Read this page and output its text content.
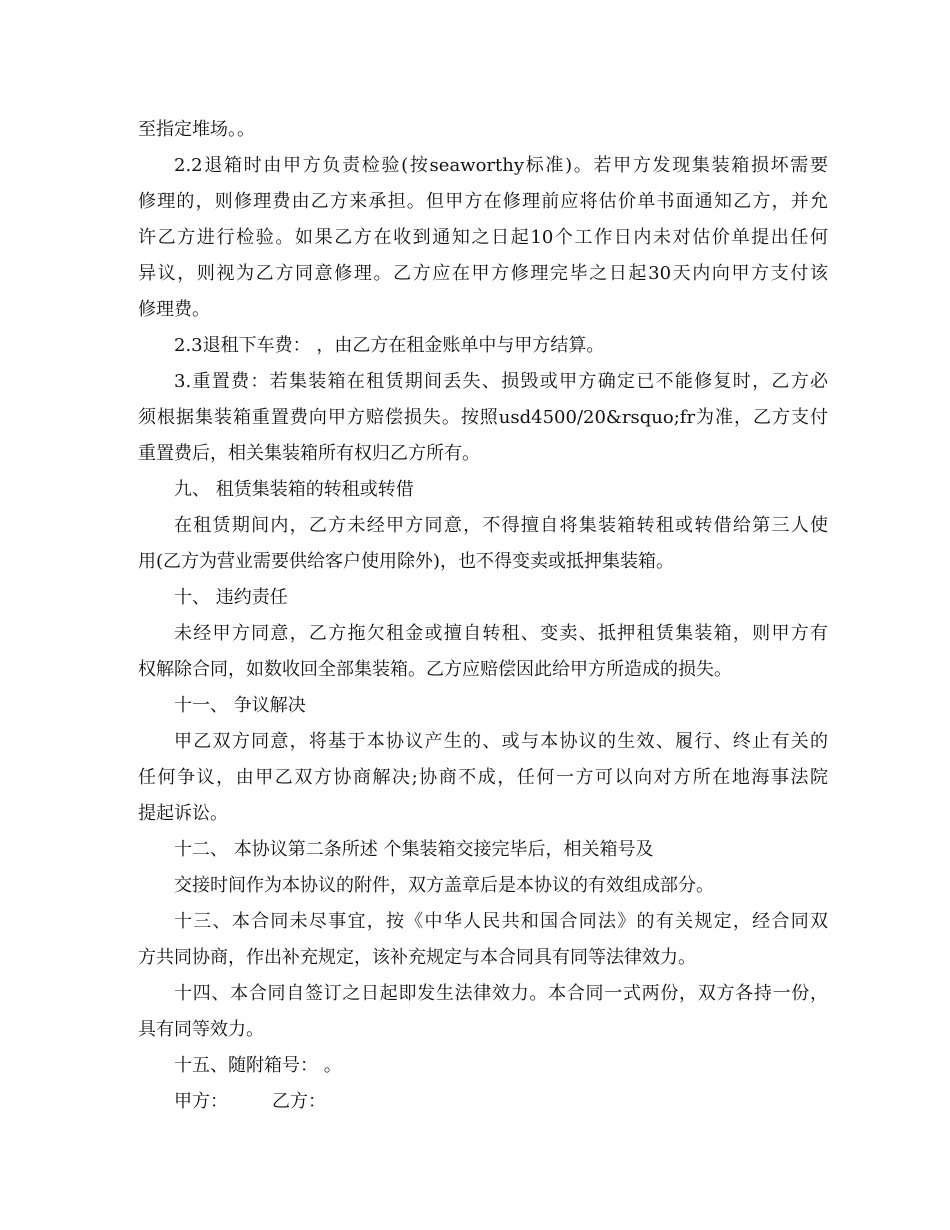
至指定堆场。。
2.2退箱时由甲方负责检验(按seaworthy标准)。若甲方发现集装箱损坏需要
修理的，则修理费由乙方来承担。但甲方在修理前应将估价单书面通知乙方，并允
许乙方进行检验。如果乙方在收到通知之日起10个工作日内未对估价单提出任何
异议，则视为乙方同意修理。乙方应在甲方修理完毕之日起30天内向甲方支付该
修理费。
2.3退租下车费： ，由乙方在租金账单中与甲方结算。
3.重置费：若集装箱在租赁期间丢失、损毁或甲方确定已不能修复时，乙方必
须根据集装箱重置费向甲方赔偿损失。按照usd4500/20&rsquo;fr为准，乙方支付
重置费后，相关集装箱所有权归乙方所有。
九、 租赁集装箱的转租或转借
在租赁期间内，乙方未经甲方同意，不得擅自将集装箱转租或转借给第三人使
用(乙方为营业需要供给客户使用除外)，也不得变卖或抵押集装箱。
十、 违约责任
未经甲方同意，乙方拖欠租金或擅自转租、变卖、抵押租赁集装箱，则甲方有
权解除合同，如数收回全部集装箱。乙方应赔偿因此给甲方所造成的损失。
十一、 争议解决
甲乙双方同意，将基于本协议产生的、或与本协议的生效、履行、终止有关的
任何争议，由甲乙双方协商解决;协商不成，任何一方可以向对方所在地海事法院
提起诉讼。
十二、 本协议第二条所述 个集装箱交接完毕后，相关箱号及
交接时间作为本协议的附件，双方盖章后是本协议的有效组成部分。
十三、本合同未尽事宜，按《中华人民共和国合同法》的有关规定，经合同双
方共同协商，作出补充规定，该补充规定与本合同具有同等法律效力。
十四、本合同自签订之日起即发生法律效力。本合同一式两份，双方各持一份，
具有同等效力。
十五、随附箱号： 。
甲方： 乙方：
